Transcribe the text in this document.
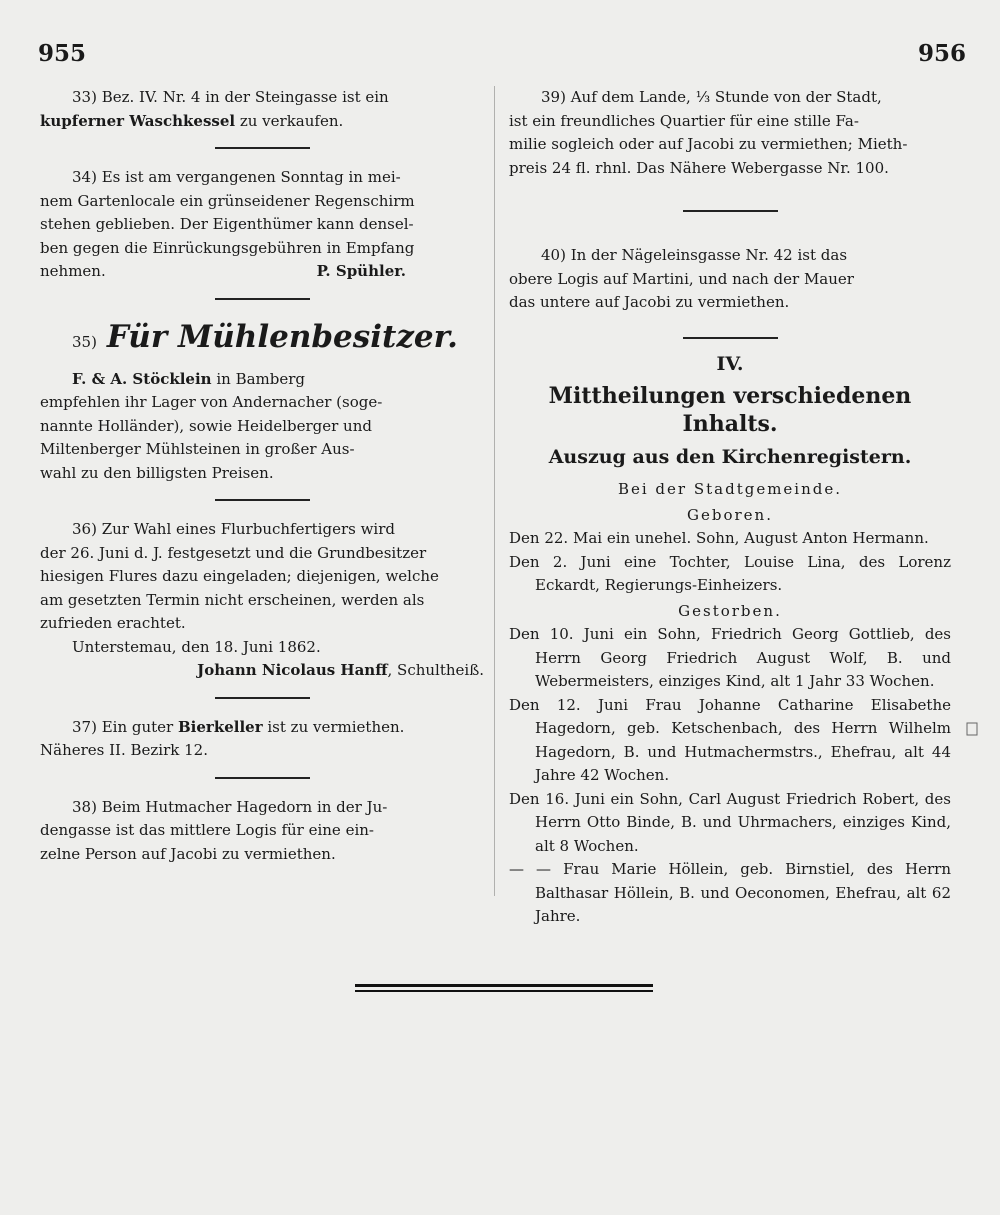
955	956

33) Bez. IV. Nr. 4 in der Steingasse ist ein

kupferner Waschkessel zu verkaufen.

34) Es ist am vergangenen Sonntag in mei-

nem Gartenlocale ein grünseidener Regenschirm

stehen geblieben. Der Eigenthümer kann densel-

ben gegen die Einrückungsgebühren in Empfang

nehmen.	P. Spühler.

35) Für Mühlenbesitzer.

F. & A. Stöcklein in Bamberg

empfehlen ihr Lager von Andernacher (soge-

nannte Holländer), sowie Heidelberger und

Miltenberger Mühlsteinen in großer Aus-

wahl zu den billigsten Preisen.

36) Zur Wahl eines Flurbuchfertigers wird

der 26. Juni d. J. festgesetzt und die Grundbesitzer

hiesigen Flures dazu eingeladen; diejenigen, welche

am gesetzten Termin nicht erscheinen, werden als

zufrieden erachtet.

Unterstemau, den 18. Juni 1862.

Johann Nicolaus Hanff, Schultheiß.

37) Ein guter Bierkeller ist zu vermiethen.

Näheres II. Bezirk 12.

38) Beim Hutmacher Hagedorn in der Ju-

dengasse ist das mittlere Logis für eine ein-

zelne Person auf Jacobi zu vermiethen.

39) Auf dem Lande, ⅓ Stunde von der Stadt,

ist ein freundliches Quartier für eine stille Fa-

milie sogleich oder auf Jacobi zu vermiethen; Mieth-

preis 24 fl. rhnl. Das Nähere Webergasse Nr. 100.

40) In der Nägeleinsgasse Nr. 42 ist das

obere Logis auf Martini, und nach der Mauer

das untere auf Jacobi zu vermiethen.

IV.
Mittheilungen verschiedenen Inhalts.
Auszug aus den Kirchenregistern.
Bei der Stadtgemeinde.
Geboren.

Den 22. Mai ein unehel. Sohn, August Anton Hermann.

Den 2. Juni eine Tochter, Louise Lina, des Lorenz Eckardt, Regierungs-Einheizers.

Gestorben.

Den 10. Juni ein Sohn, Friedrich Georg Gottlieb, des Herrn Georg Friedrich August Wolf, B. und Webermeisters, einziges Kind, alt 1 Jahr 33 Wochen.

Den 12. Juni Frau Johanne Catharine Elisabethe Hagedorn, geb. Ketschenbach, des Herrn Wilhelm Hagedorn, B. und Hutmachermstrs., Ehefrau, alt 44 Jahre 42 Wochen.

Den 16. Juni ein Sohn, Carl August Friedrich Robert, des Herrn Otto Binde, B. und Uhrmachers, einziges Kind, alt 8 Wochen.

— — Frau Marie Höllein, geb. Birnstiel, des Herrn Balthasar Höllein, B. und Oeconomen, Ehefrau, alt 62 Jahre.
